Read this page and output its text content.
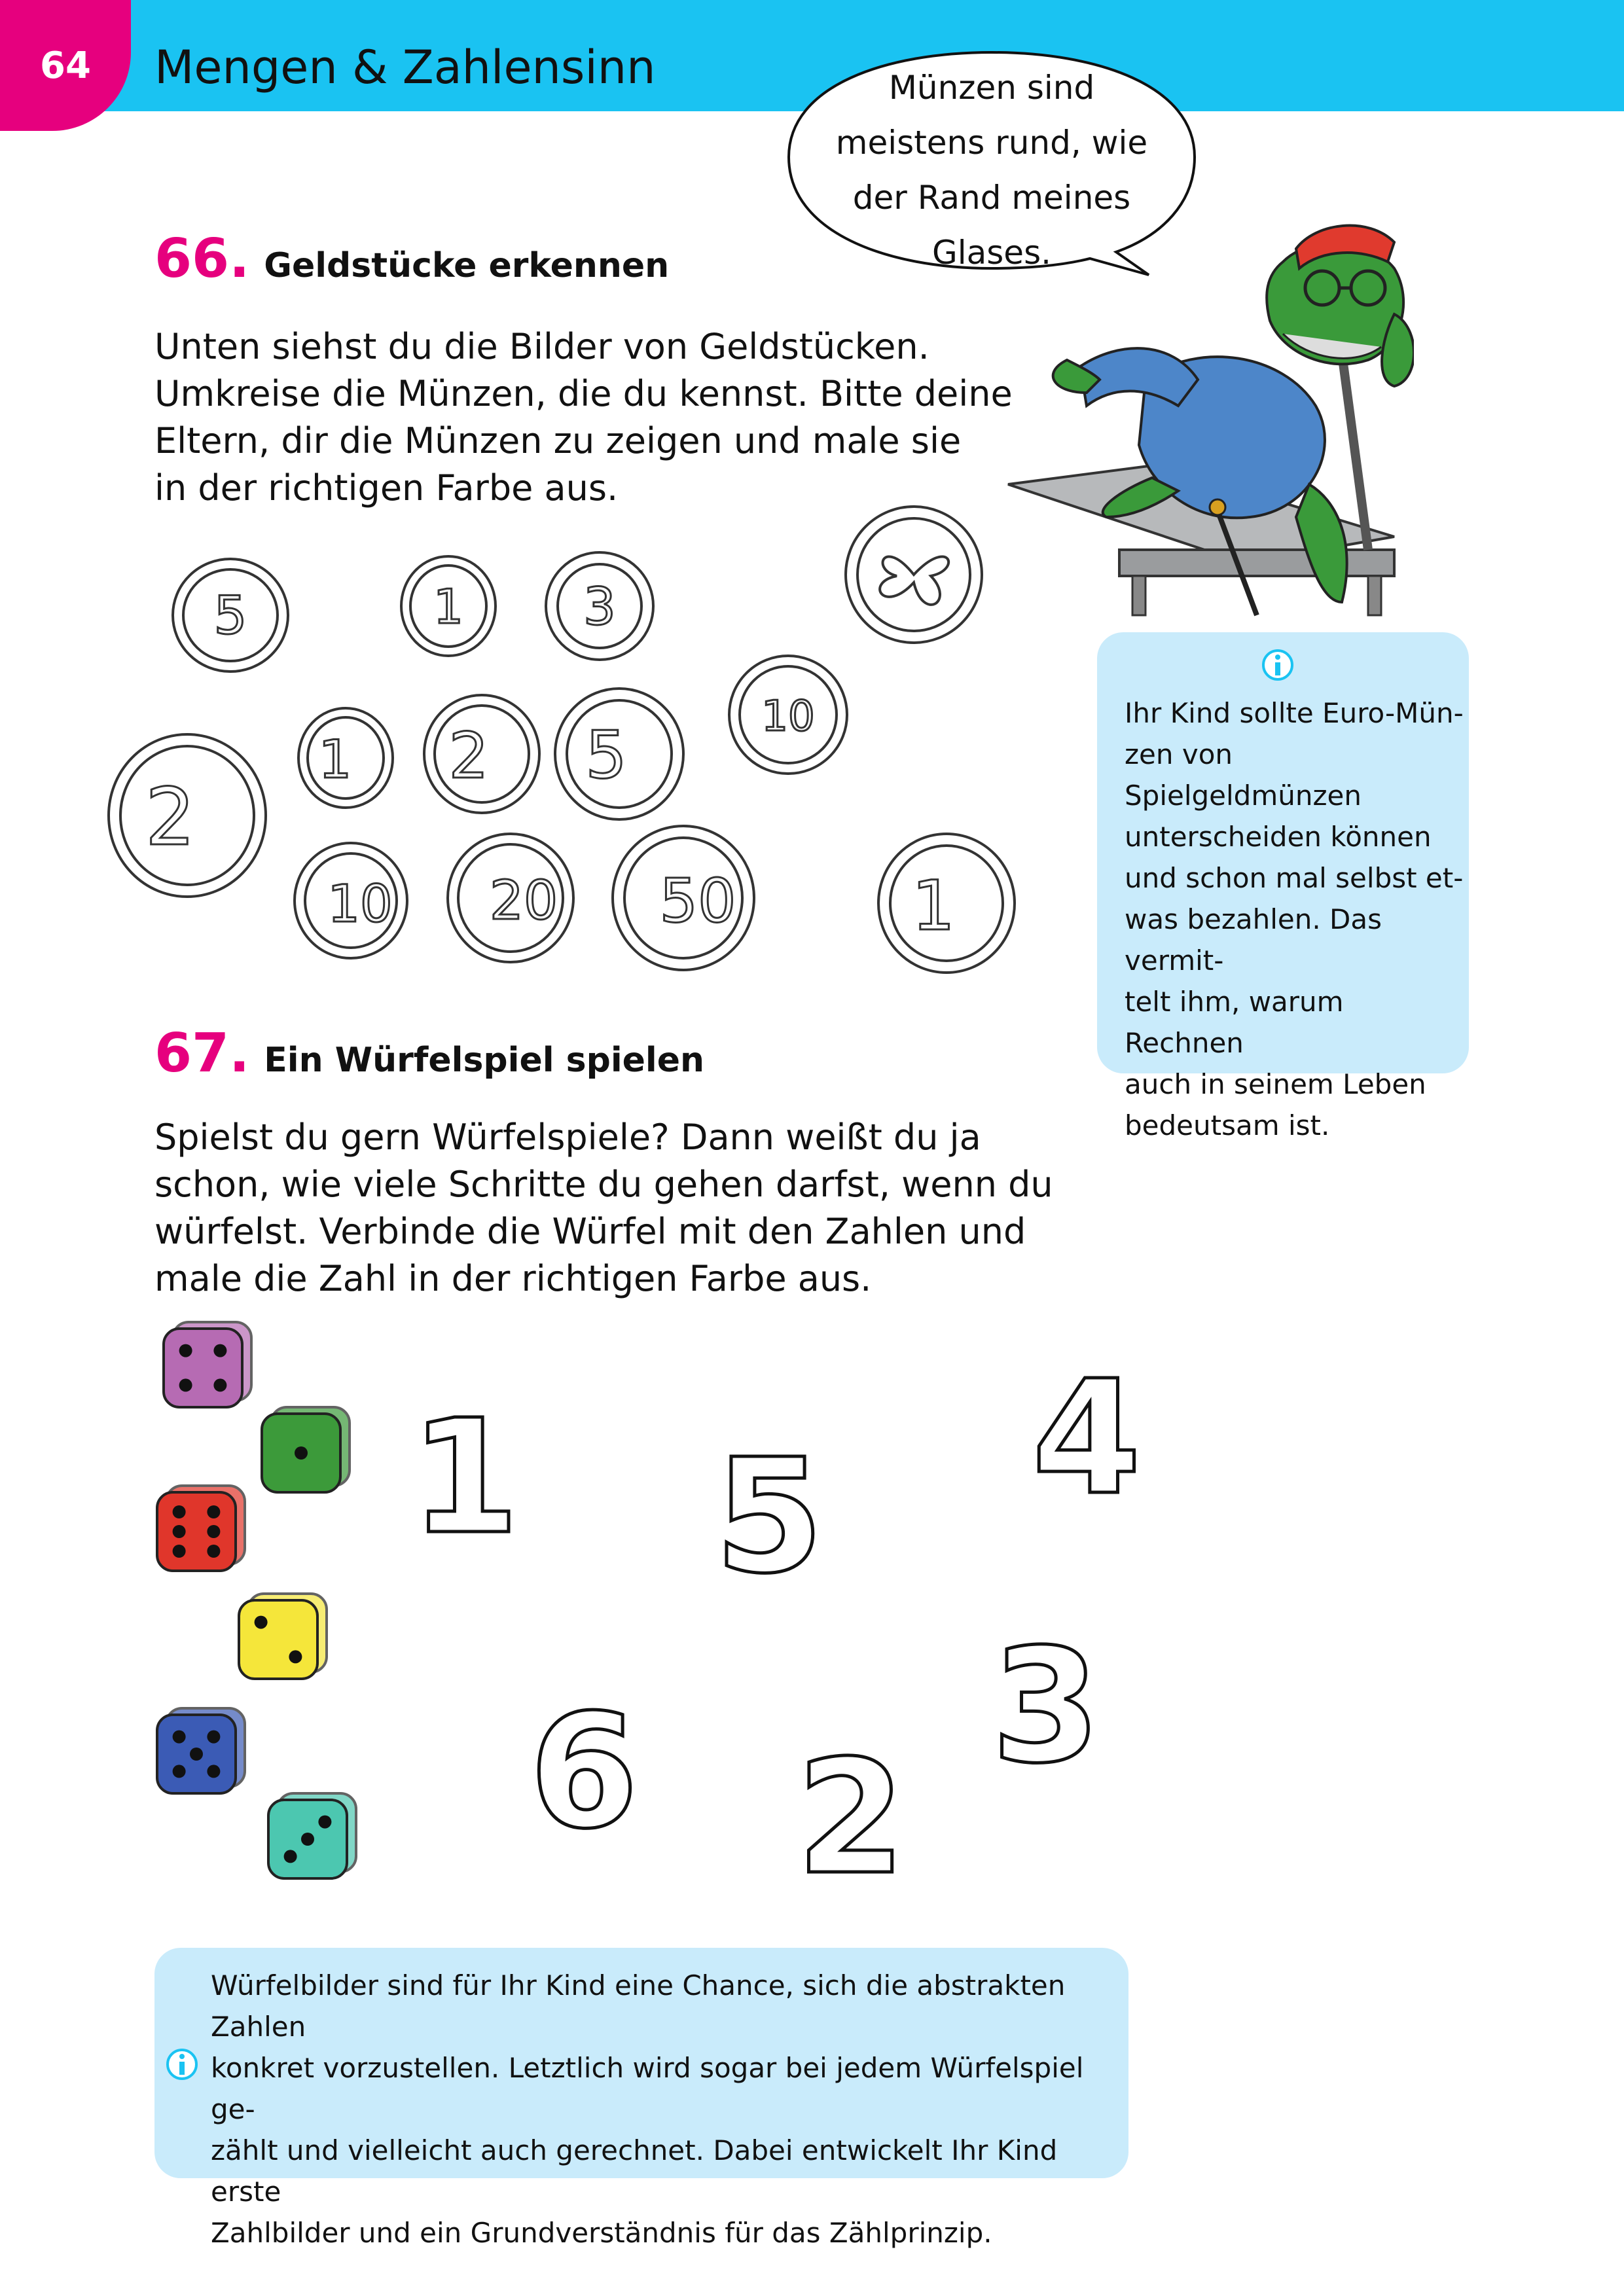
64 Mengen & Zahlensinn	Münzen sind
meistens rund, wie
der Rand meines
Glases.
66. Geldstücke erkennen
Unten siehst du die Bilder von Geldstücken.
Umkreise die Münzen, die du kennst. Bitte deine
Eltern, dir die Münzen zu zeigen und male sie
in der richtigen Farbe aus.
5	1 3
2
1 2 5	10
10 20 50	1
Ihr Kind sollte Euro-Mün-
zen von Spielgeldmünzen
unterscheiden können
und schon mal selbst et-
was bezahlen. Das vermit-
telt ihm, warum Rechnen
auch in seinem Leben
bedeutsam ist.
67. Ein Würfelspiel spielen
Spielst du gern Würfelspiele? Dann weißt du ja
schon, wie viele Schritte du gehen darfst, wenn du
würfelst. Verbinde die Würfel mit den Zahlen und
male die Zahl in der richtigen Farbe aus.
1 5 4
3
6 2
Würfelbilder sind für Ihr Kind eine Chance, sich die abstrakten Zahlen
konkret vorzustellen. Letztlich wird sogar bei jedem Würfelspiel ge-
zählt und vielleicht auch gerechnet. Dabei entwickelt Ihr Kind erste
Zahlbilder und ein Grundverständnis für das Zählprinzip.
